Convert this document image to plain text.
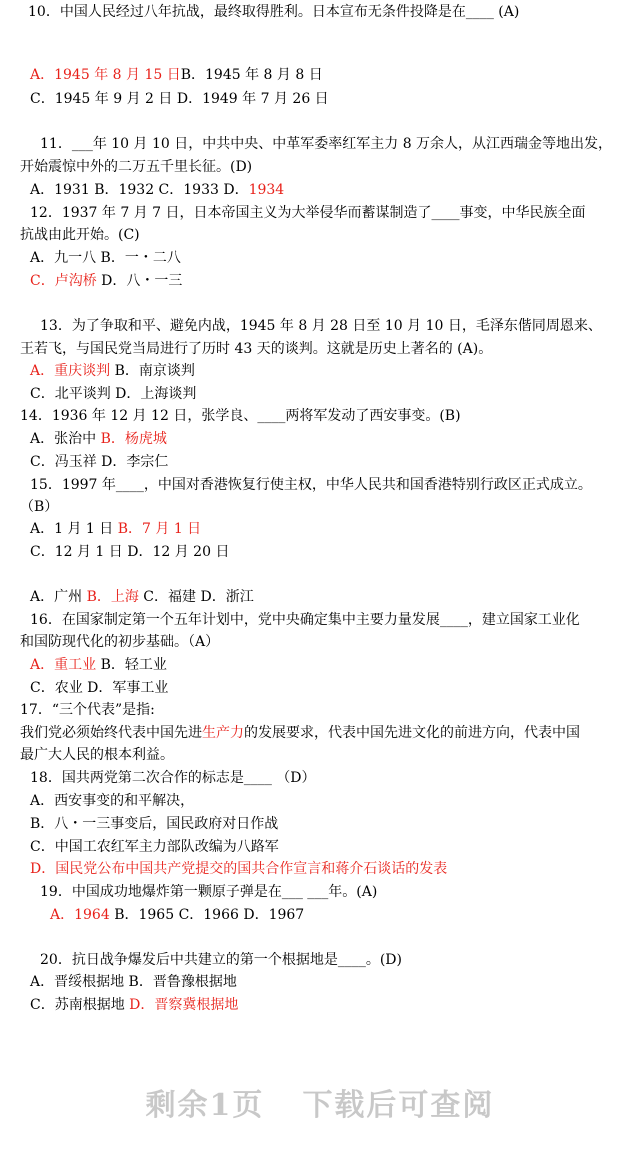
10．中国人民经过八年抗战，最终取得胜利。日本宣布无条件投降是在____ (A)
A．1945 年 8 月 15 日B．1945 年 8 月 8 日
C．1945 年 9 月 2 日 D．1949 年 7 月 26 日
11．___年 10 月 10 日，中共中央、中革军委率红军主力 8 万余人，从江西瑞金等地出发，
开始震惊中外的二万五千里长征。(D)
A．1931 B．1932 C．1933 D．1934
12．1937 年 7 月 7 日，日本帝国主义为大举侵华而蓄谋制造了____事变，中华民族全面
抗战由此开始。(C)
A．九一八 B．一・二八
C．卢沟桥 D．八・一三
13．为了争取和平、避免内战，1945 年 8 月 28 日至 10 月 10 日，毛泽东偕同周恩来、
王若飞，与国民党当局进行了历时 43 天的谈判。这就是历史上著名的 (A)。
A．重庆谈判 B．南京谈判
C．北平谈判 D．上海谈判
14．1936 年 12 月 12 日，张学良、____两将军发动了西安事变。(B)
A．张治中 B．杨虎城
C．冯玉祥 D．李宗仁
15．1997 年____，中国对香港恢复行使主权，中华人民共和国香港特别行政区正式成立。
（B）
A．1 月 1 日 B．7 月 1 日
C．12 月 1 日 D．12 月 20 日
A．广州 B．上海 C．福建 D．浙江
16．在国家制定第一个五年计划中，党中央确定集中主要力量发展____，建立国家工业化
和国防现代化的初步基础。（A）
A．重工业 B．轻工业
C．农业 D．军事工业
17．“三个代表”是指:
我们党必须始终代表中国先进生产力的发展要求，代表中国先进文化的前进方向，代表中国
最广大人民的根本利益。
18．国共两党第二次合作的标志是____ （D）
A．西安事变的和平解决，
B．八・一三事变后，国民政府对日作战
C．中国工农红军主力部队改编为八路军
D．国民党公布中国共产党提交的国共合作宣言和蒋介石谈话的发表
19．中国成功地爆炸第一颗原子弹是在___ ___年。(A)
A．1964 B．1965 C．1966 D．1967
20．抗日战争爆发后中共建立的第一个根据地是____。(D)
A．晋绥根据地 B．晋鲁豫根据地
C．苏南根据地 D．晋察冀根据地
剩余1页 下载后可查阅
